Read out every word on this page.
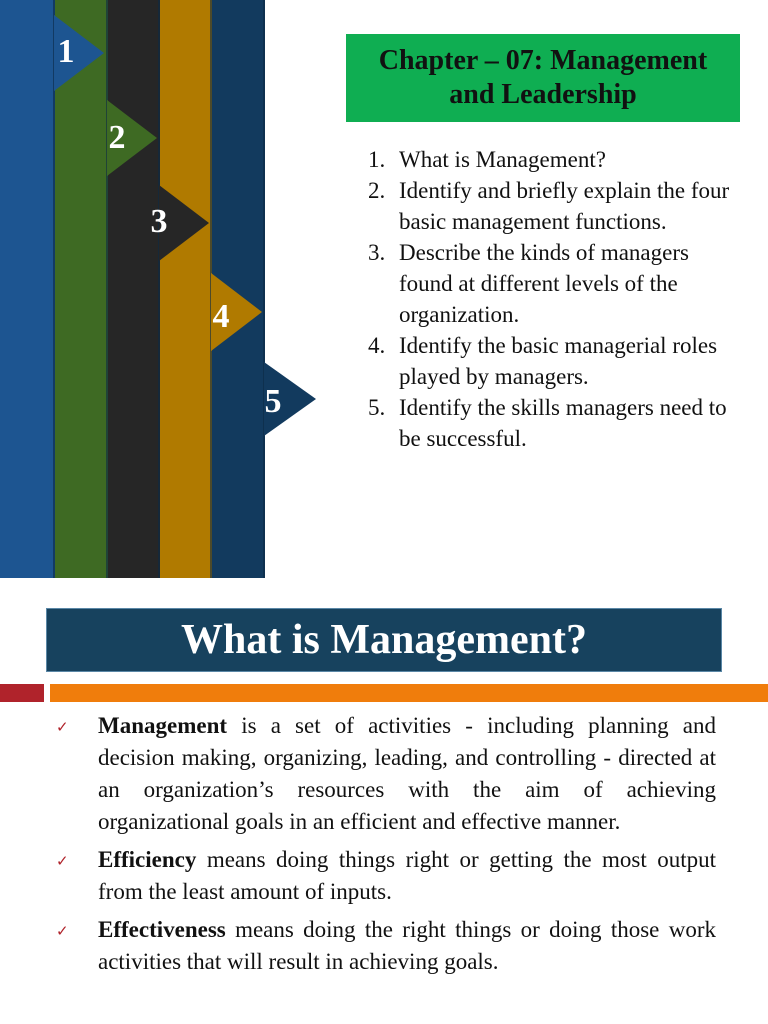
1
2
3
4
5
Chapter – 07: Management and Leadership
1. What is Management?
2. Identify and briefly explain the four basic management functions.
3. Describe the kinds of managers found at different levels of the organization.
4. Identify the basic managerial roles played by managers.
5. Identify the skills managers need to be successful.
What is Management?
✓	Management is a set of activities - including planning and decision making, organizing, leading, and controlling - directed at an organization’s resources with the aim of achieving organizational goals in an efficient and effective manner.
✓	Efficiency means doing things right or getting the most output from the least amount of inputs.
✓	Effectiveness means doing the right things or doing those work activities that will result in achieving goals.
